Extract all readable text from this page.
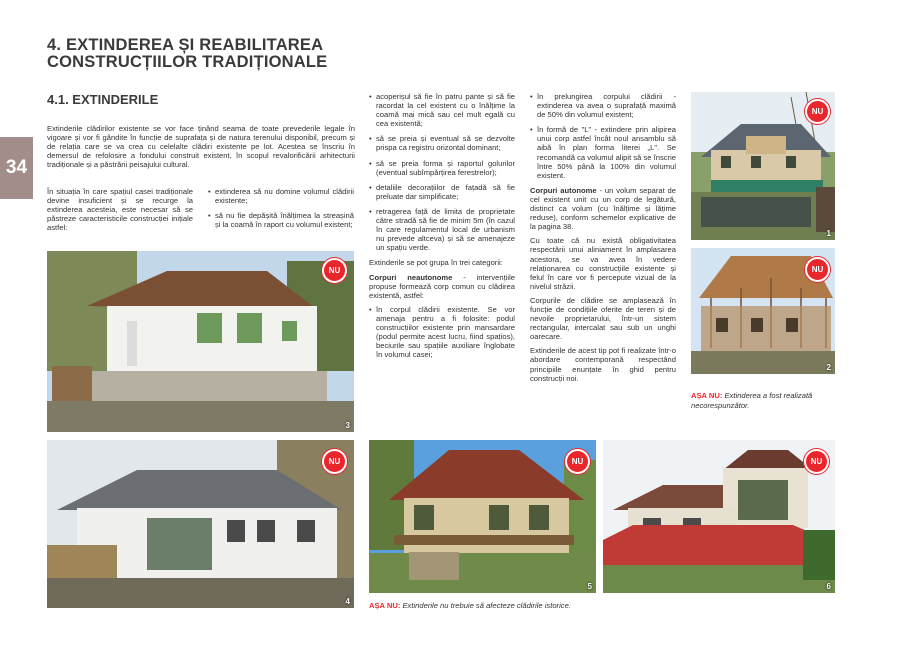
4. EXTINDEREA ȘI REABILITAREA CONSTRUCȚIILOR TRADIȚIONALE
4.1. EXTINDERILE
34
Extinderile clădirilor existente se vor face ținând seama de toate prevederile legale în vigoare și vor fi gândite în funcție de suprafața și de natura terenului disponibil, precum și de relația care se va crea cu celelalte clădiri existente pe lot. Acestea se înscriu în demersul de refolosire a fondului construit existent, în scopul revalorificării arhitecturii tradiționale și a păstrării peisajului cultural.
În situația în care spațiul casei tradiționale devine insuficient și se recurge la extinderea acesteia, este necesar să se păstreze caracteristicile construcției inițiale astfel:
• extinderea să nu domine volumul clădirii existente;
• să nu fie depășită înălțimea la streașină și la coamă în raport cu volumul existent;
• acoperișul să fie în patru pante și să fie racordat la cel existent cu o înălțime la coamă mai mică sau cel mult egală cu cea existentă;
• să se preia și eventual să se dezvolte prispa ca registru orizontal dominant;
• să se preia forma și raportul golurilor (eventual subîmpărțirea ferestrelor);
• detaliile decorațiilor de fațadă să fie preluate dar simplificate;
• retragerea față de limita de proprietate către stradă să fie de minim 5m (în cazul în care regulamentul local de urbanism nu prevede altceva) și să se amenajeze un spațiu verde.

Extinderile se pot grupa în trei categorii:

Corpuri neautonome - intervențiile propuse formează corp comun cu clădirea existentă, astfel:

• în corpul clădirii existente. Se vor amenaja pentru a fi folosite: podul construcțiilor existente prin mansardare (podul permite acest lucru, fiind spațios), beciurile sau spațiile auxiliare înglobate în volumul casei;
• în prelungirea corpului clădirii - extinderea va avea o suprafață maximă de 50% din volumul existent;
• în formă de "L" - extindere prin alipirea unui corp astfel încât noul ansamblu să aibă în plan forma literei „L". Se recomandă ca volumul alipit să se înscrie între 50% până la 100% din volumul existent.

Corpuri autonome - un volum separat de cel existent unit cu un corp de legătură, distinct ca volum (cu înălțime și lățime reduse), conform schemelor explicative de la pagina 38.

Cu toate că nu există obligativitatea respectării unui aliniament în amplasarea acestora, se va avea în vedere relaționarea cu construcțiile existente și felul în care vor fi percepute vizual de la nivelul străzii.

Corpurile de clădire se amplasează în funcție de condițiile oferite de teren și de nevoile proprietarului, într-un sistem rectangular, intercalat sau sub un unghi oarecare.

Extinderile de acest tip pot fi realizate într-o abordare contemporană respectând principiile enunțate în ghid pentru construcții noi.

NU
1
NU
2
AȘA NU: Extinderea a fost realizată necorespunzător.
NU
3
NU
4
NU
5
NU
6
AȘA NU: Extinderile nu trebuie să afecteze clădirile istorice.
